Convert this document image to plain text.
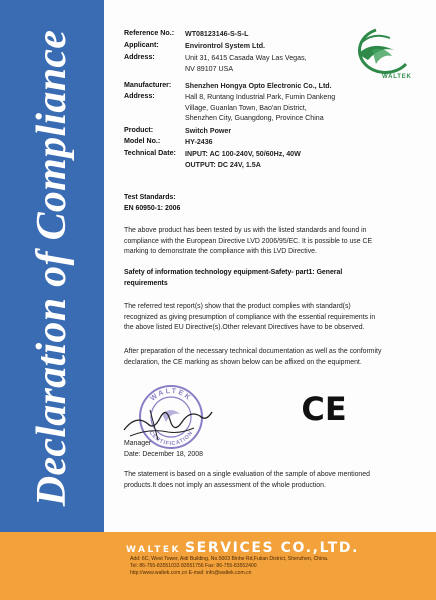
Declaration of Compliance	WALTEK
Reference No.:	WT08123146-S-S-L
Applicant:	Environtrol System Ltd.
Address:	Unit 31, 6415 Casada Way Las Vegas,
NV 89107 USA
Manufacturer:	Shenzhen Hongya Opto Electronic Co., Ltd.
Address:	Hall 8, Runtang Industrial Park, Fumin Dankeng
Village, Guanlan Town, Bao'an District,
Shenzhen City, Guangdong, Province China
Product:	Switch Power
Model No.:	HY-2436
Technical Date:	INPUT: AC 100-240V, 50/60Hz, 40W
OUTPUT: DC 24V, 1.5A
Test Standards:
EN 60950-1: 2006
The above product has been tested by us with the listed standards and found in
compliance with the European Directive LVD 2006/95/EC. It is possible to use CE
marking to demonstrate the compliance with this LVD Directive.
Safety of information technology equipment-Safety- part1: General
requirements
The referred test report(s) show that the product complies with standard(s)
recognized as giving presumption of compliance with the essential requirements in
the above listed EU Directive(s).Other relevant Directives have to be observed.
After preparation of the necessary technical documentation as well as the conformity
declaration, the CE marking as shown below can be affixed on the equipment.
WALTEK
CERTIFICATION
CE
Manager
Date: December 18, 2008
The statement is based on a single evaluation of the sample of above mentioned
products.It does not imply an assessment of the whole production.
WALTEK SERVICES CO.,LTD.
Add: 6C, West Tower, Aidi Building, No.5003 Binhe Rd,Futian District, Shenzhen, China.
Tel: 86-755-83551033 83551756 Fax: 86-755-83552400
http://www.waltek.com.cn E-mail: info@waltek.com.cn
